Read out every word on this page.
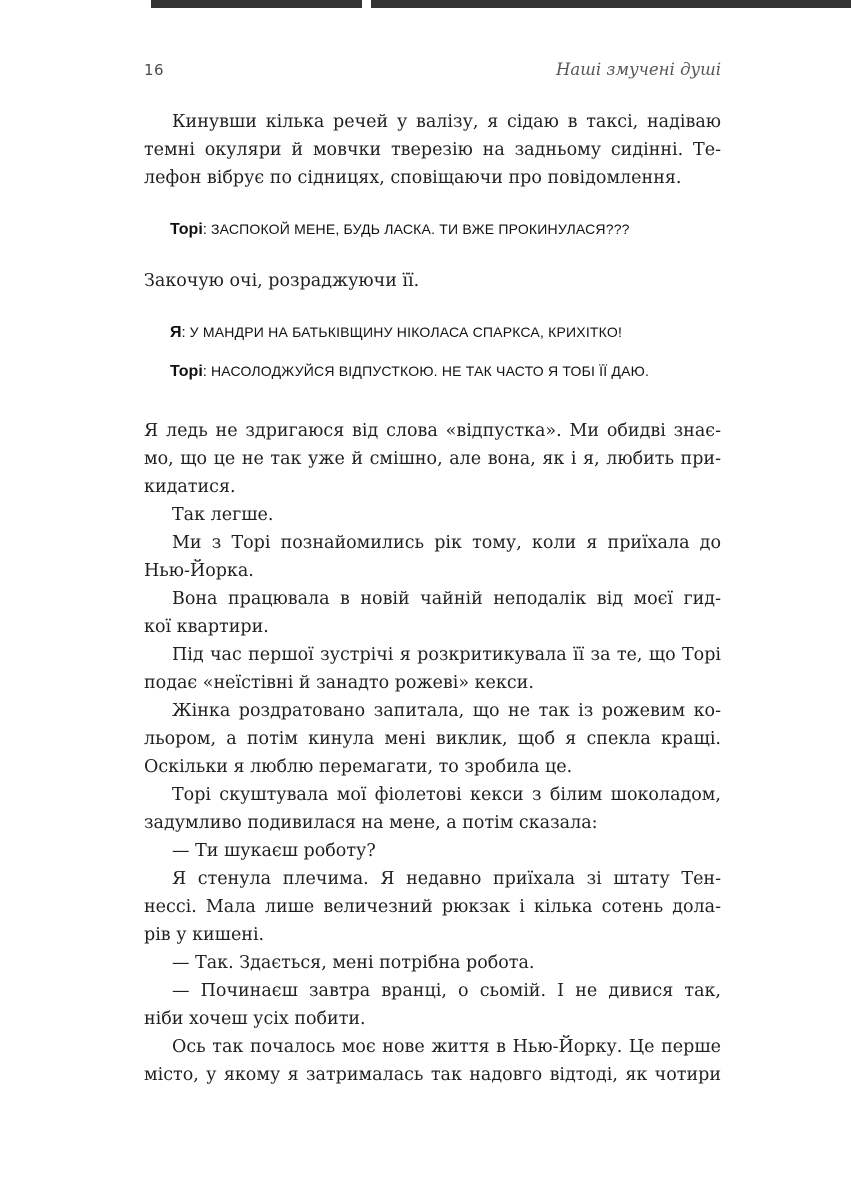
16	Наші змучені душі
Кинувши кілька речей у валізу, я сідаю в таксі, надіваю
темні окуляри й мовчки тверезію на задньому сидінні. Те-
лефон вібрує по сідницях, сповіщаючи про повідомлення.
Торі: ЗАСПОКОЙ МЕНЕ, БУДЬ ЛАСКА. ТИ ВЖЕ ПРОКИНУЛАСЯ???
Закочую очі, розраджуючи її.
Я: У МАНДРИ НА БАТЬКІВЩИНУ НІКОЛАСА СПАРКСА, КРИХІТКО!
Торі: НАСОЛОДЖУЙСЯ ВІДПУСТКОЮ. НЕ ТАК ЧАСТО Я ТОБІ ЇЇ ДАЮ.
Я ледь не здригаюся від слова «відпустка». Ми обидві знає-
мо, що це не так уже й смішно, але вона, як і я, любить при-
кидатися.
Так легше.
Ми з Торі познайомились рік тому, коли я приїхала до
Нью-Йорка.
Вона працювала в новій чайній неподалік від моєї гид-
кої квартири.
Під час першої зустрічі я розкритикувала її за те, що Торі
подає «неїстівні й занадто рожеві» кекси.
Жінка роздратовано запитала, що не так із рожевим ко-
льором, а потім кинула мені виклик, щоб я спекла кращі.
Оскільки я люблю перемагати, то зробила це.
Торі скуштувала мої фіолетові кекси з білим шоколадом,
задумливо подивилася на мене, а потім сказала:
— Ти шукаєш роботу?
Я стенула плечима. Я недавно приїхала зі штату Тен-
нессі. Мала лише величезний рюкзак і кілька сотень дола-
рів у кишені.
— Так. Здається, мені потрібна робота.
— Починаєш завтра вранці, о сьомій. І не дивися так,
ніби хочеш усіх побити.
Ось так почалось моє нове життя в Нью-Йорку. Це перше
місто, у якому я затрималась так надовго відтоді, як чотири
